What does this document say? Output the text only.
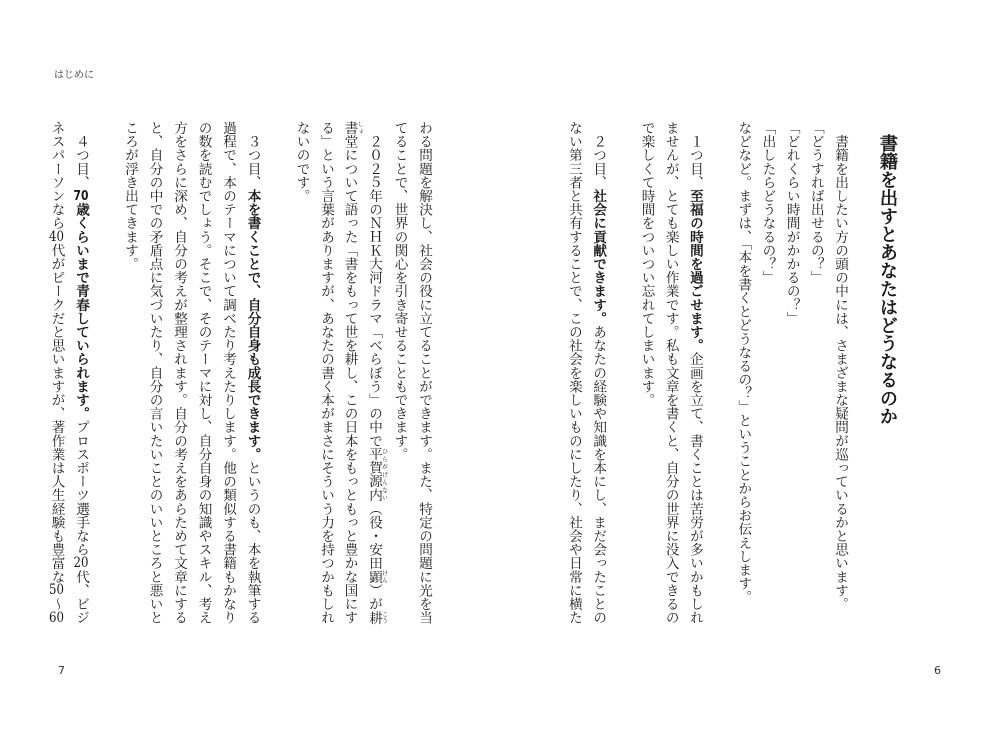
はじめに
書籍を出すとあなたはどうなるのか
　書籍を出したい方の頭の中には、さまざまな疑問が巡っているかと思います。
「どうすれば出せるの？」
「どれくらい時間がかかるの？」
「出したらどうなるの？」
などなど。まずは、「本を書くとどうなるの？」ということからお伝えします。
　１つ目、至福の時間を過ごせます。企画を立て、書くことは苦労が多いかもしれ
ませんが、とても楽しい作業です。私も文章を書くと、自分の世界に没入できるの
で楽しくて時間をついつい忘れてしまいます。
　２つ目、社会に貢献できます。あなたの経験や知識を本にし、まだ会ったことの
ない第三者と共有することで、この社会を楽しいものにしたり、社会や日常に横た
わる問題を解決し、社会の役に立てることができます。また、特定の問題に光を当
てることで、世界の関心を引き寄せることもできます。
　２０２５年のＮＨＫ大河ドラマ「べらぼう」の中で平賀源内ひらがげんない（役・安田顕けん）が耕こう
書しょ堂について語った「書をもって世を耕し、この日本をもっともっと豊かな国にす
る」という言葉がありますが、あなたの書く本がまさにそういう力を持つかもしれ
ないのです。
　３つ目、本を書くことで、自分自身も成長できます。というのも、本を執筆する
過程で、本のテーマについて調べたり考えたりします。他の類似する書籍もかなり
の数を読むでしょう。そこで、そのテーマに対し、自分自身の知識やスキル、考え
方をさらに深め、自分の考えが整理されます。自分の考えをあらためて文章にする
と、自分の中での矛盾点に気づいたり、自分の言いたいことのいいところと悪いと
ころが浮き出てきます。
　４つ目、70歳くらいまで青春していられます。プロスポーツ選手なら20代、ビジ
ネスパーソンなら40代がピークだと思いますが、著作業は人生経験も豊富な50〜60
7	6
